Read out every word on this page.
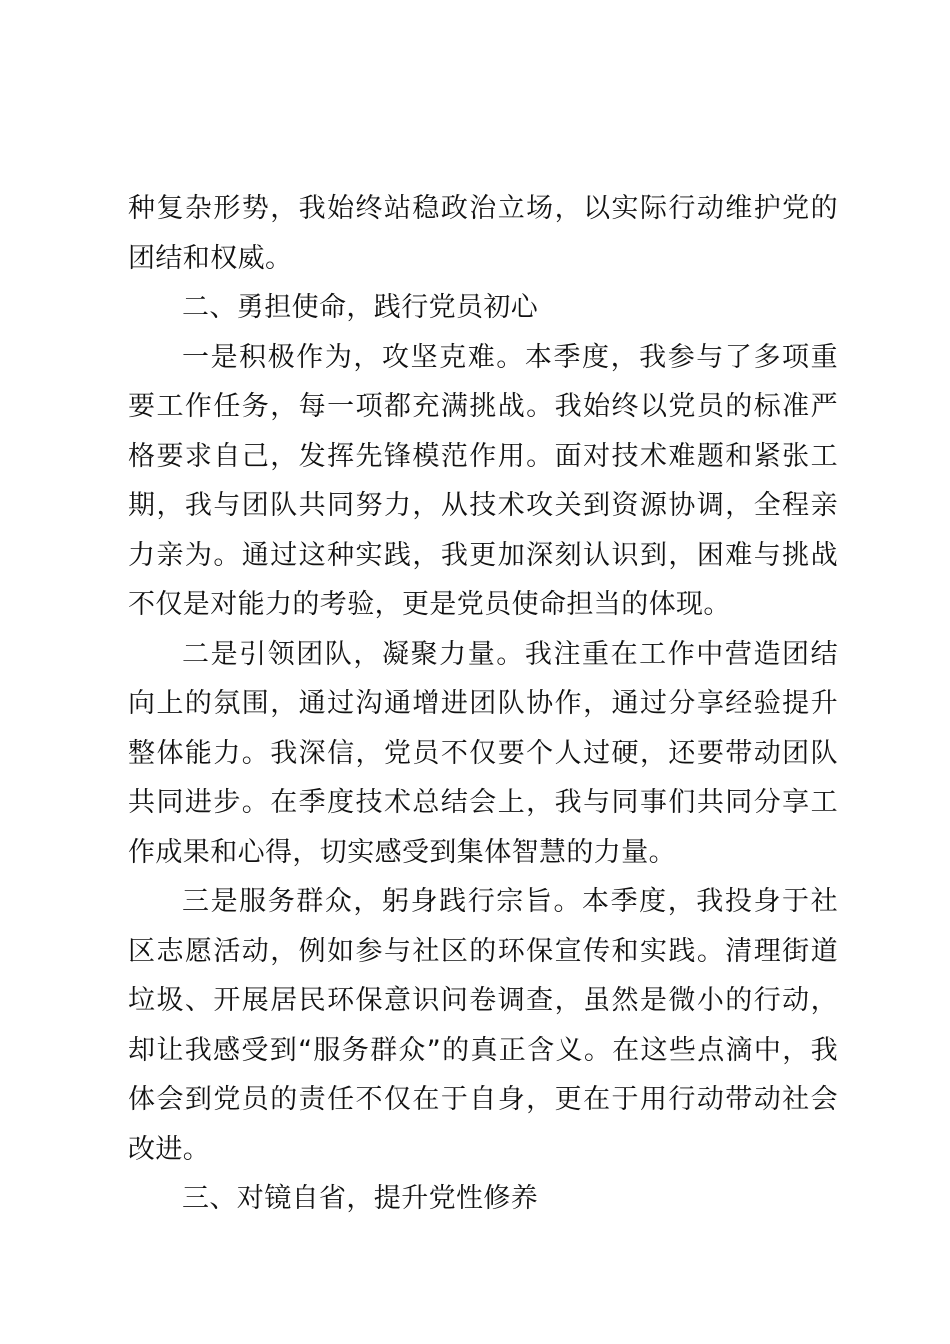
种复杂形势，我始终站稳政治立场，以实际行动维护党的团结和权威。

二、勇担使命，践行党员初心

一是积极作为，攻坚克难。本季度，我参与了多项重要工作任务，每一项都充满挑战。我始终以党员的标准严格要求自己，发挥先锋模范作用。面对技术难题和紧张工期，我与团队共同努力，从技术攻关到资源协调，全程亲力亲为。通过这种实践，我更加深刻认识到，困难与挑战不仅是对能力的考验，更是党员使命担当的体现。

二是引领团队，凝聚力量。我注重在工作中营造团结向上的氛围，通过沟通增进团队协作，通过分享经验提升整体能力。我深信，党员不仅要个人过硬，还要带动团队共同进步。在季度技术总结会上，我与同事们共同分享工作成果和心得，切实感受到集体智慧的力量。

三是服务群众，躬身践行宗旨。本季度，我投身于社区志愿活动，例如参与社区的环保宣传和实践。清理街道垃圾、开展居民环保意识问卷调查，虽然是微小的行动，却让我感受到“服务群众”的真正含义。在这些点滴中，我体会到党员的责任不仅在于自身，更在于用行动带动社会改进。

三、对镜自省，提升党性修养
